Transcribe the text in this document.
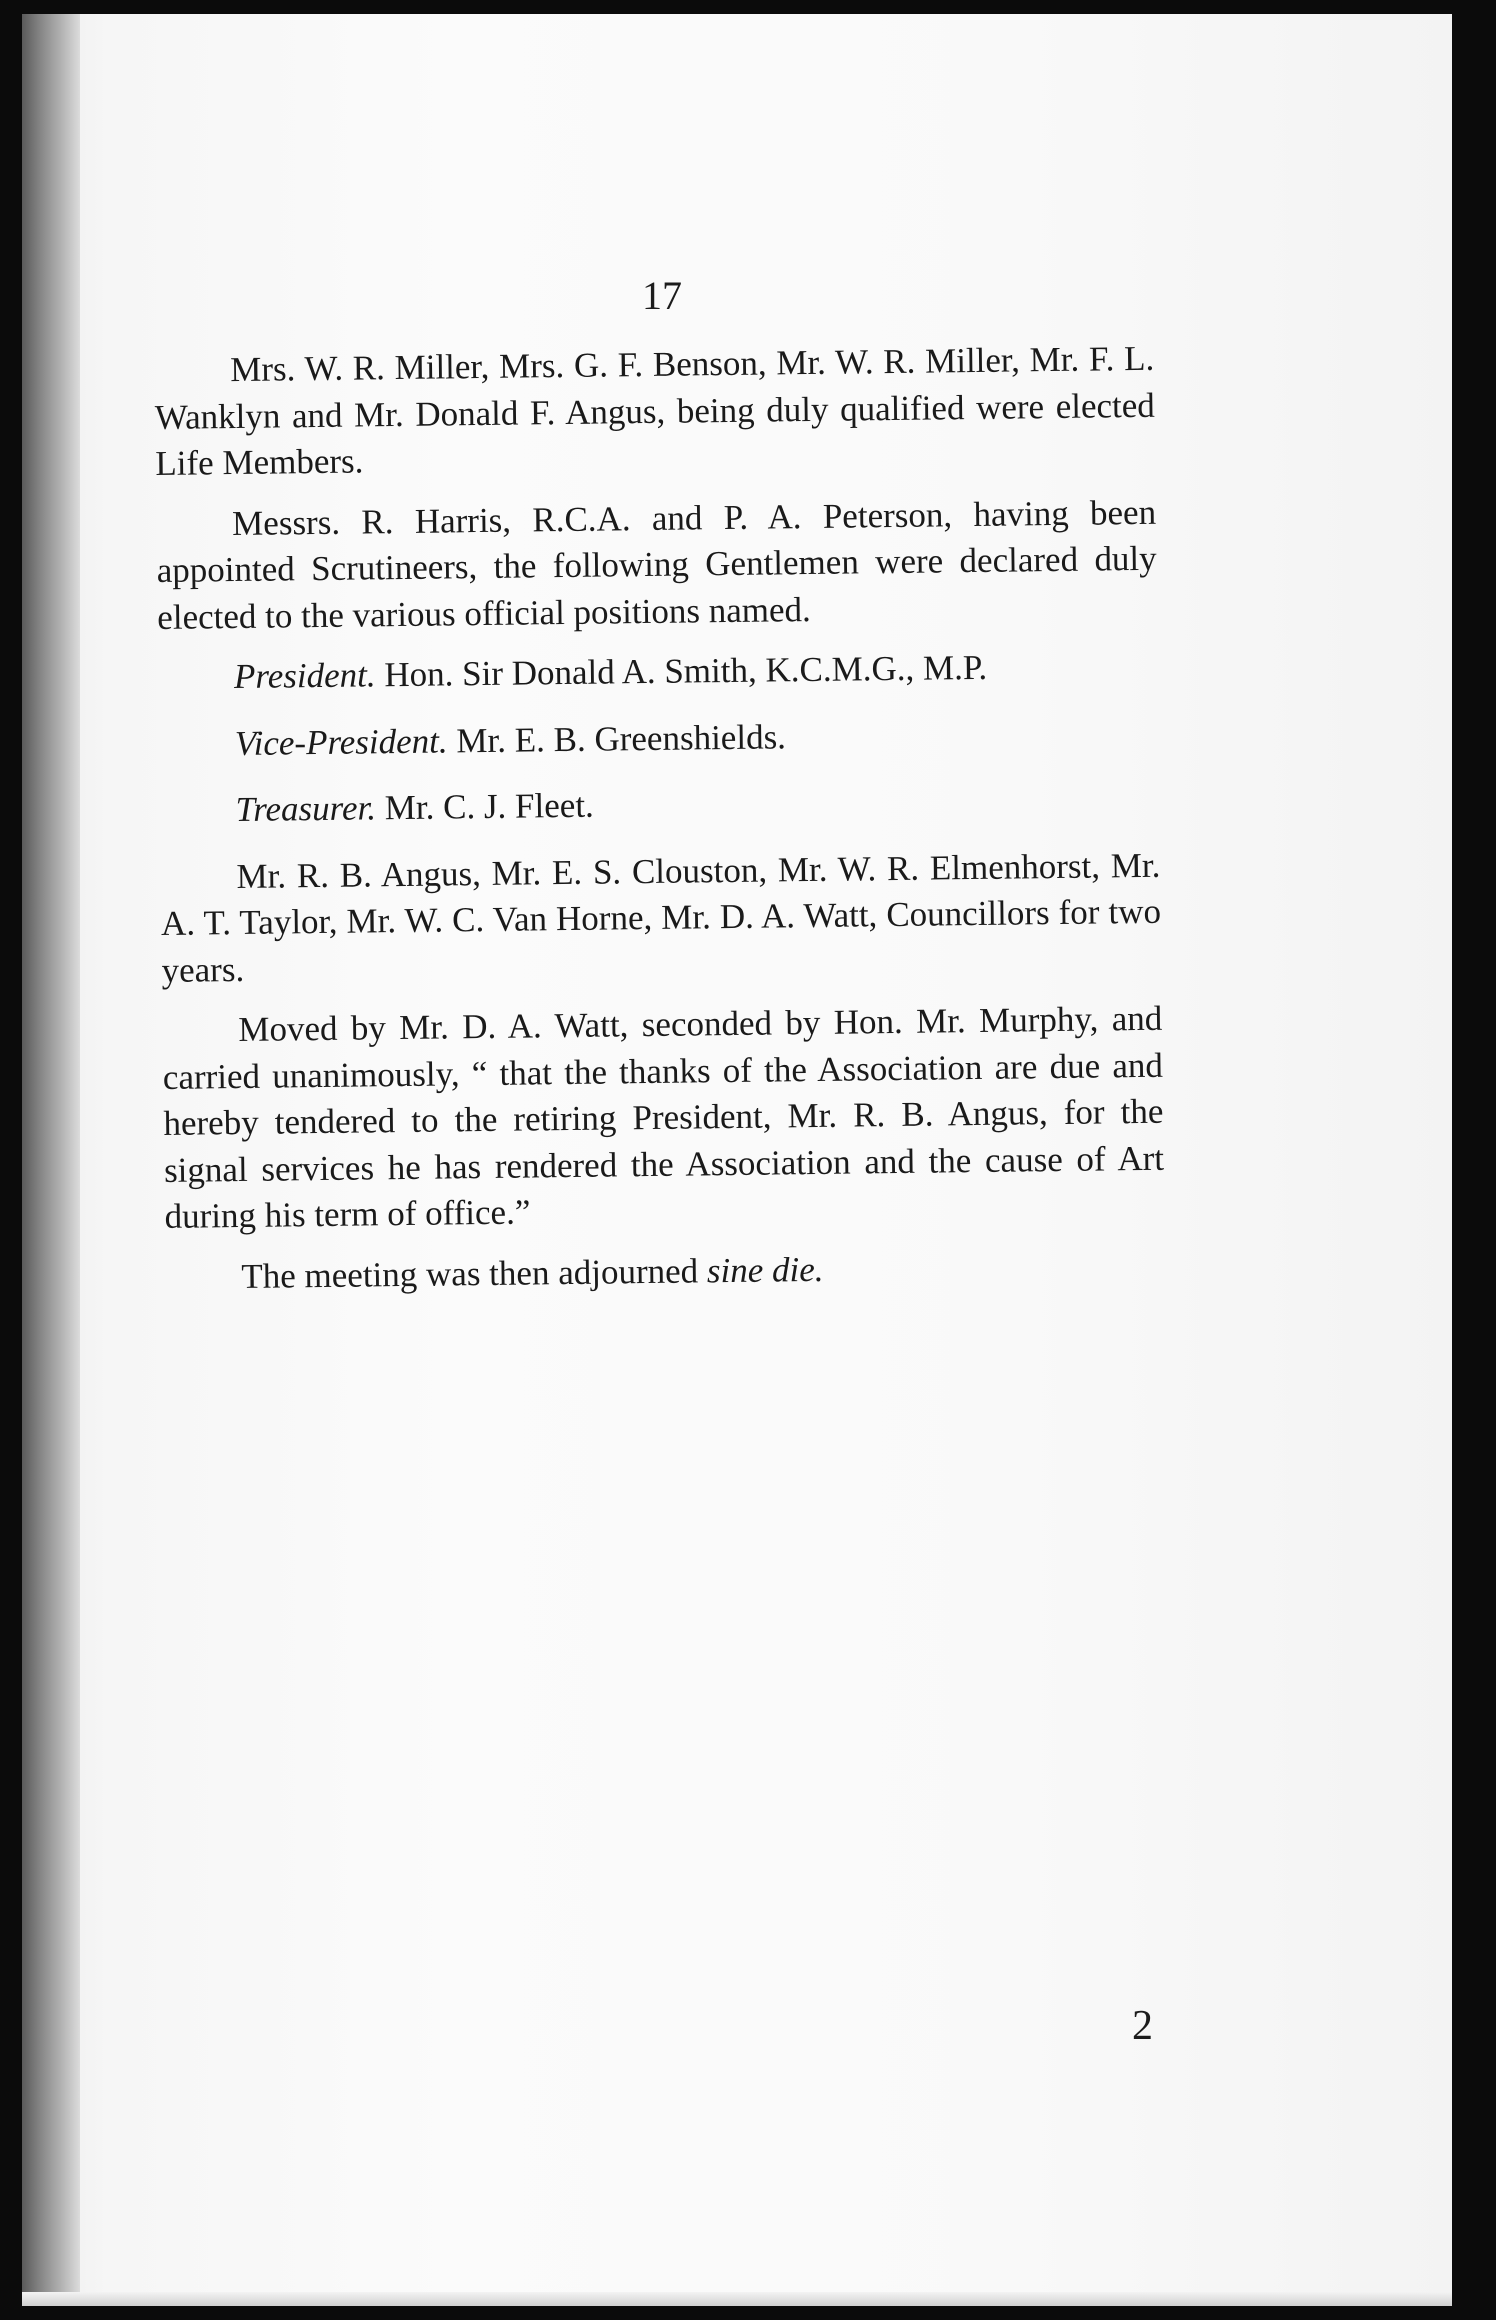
17

Mrs. W. R. Miller, Mrs. G. F. Benson, Mr. W. R. Miller, Mr. F. L. Wanklyn and Mr. Donald F. Angus, being duly qualified were elected Life Members.

Messrs. R. Harris, R.C.A. and P. A. Peterson, having been appointed Scrutineers, the following Gentlemen were declared duly elected to the various official positions named.

President. Hon. Sir Donald A. Smith, K.C.M.G., M.P.

Vice-President. Mr. E. B. Greenshields.

Treasurer. Mr. C. J. Fleet.

Mr. R. B. Angus, Mr. E. S. Clouston, Mr. W. R. Elmenhorst, Mr. A. T. Taylor, Mr. W. C. Van Horne, Mr. D. A. Watt, Councillors for two years.

Moved by Mr. D. A. Watt, seconded by Hon. Mr. Murphy, and carried unanimously, “ that the thanks of the Association are due and hereby tendered to the retiring President, Mr. R. B. Angus, for the signal services he has rendered the Association and the cause of Art during his term of office.”

The meeting was then adjourned sine die.

2
